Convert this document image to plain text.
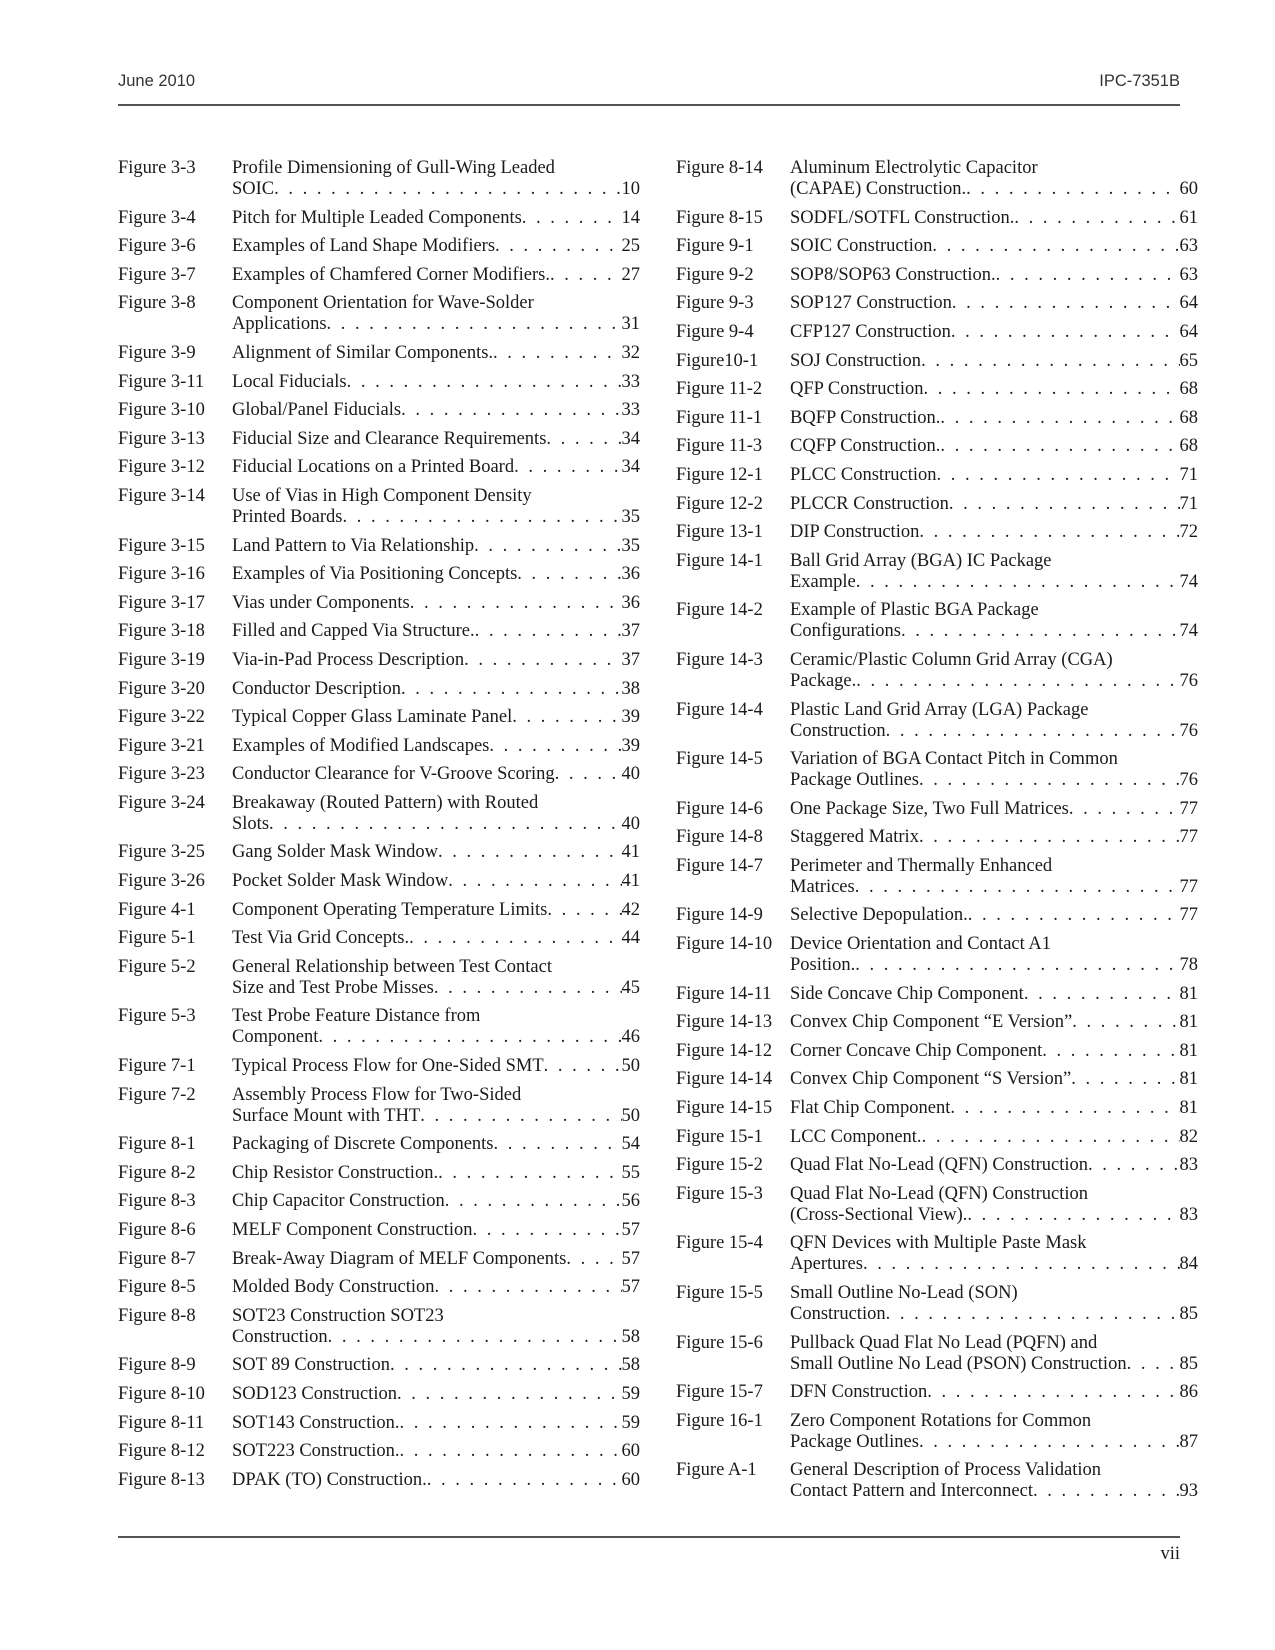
June 2010	IPC-7351B
Figure 3-3	Profile Dimensioning of Gull-Wing Leaded
SOIC . . .	10
Figure 3-4	Pitch for Multiple Leaded Components . . .	14
Figure 3-6	Examples of Land Shape Modifiers . . .	25
Figure 3-7	Examples of Chamfered Corner Modifiers. . . .	27
Figure 3-8	Component Orientation for Wave-Solder
Applications . . .	31
Figure 3-9	Alignment of Similar Components. . . .	32
Figure 3-11	Local Fiducials . . .	33
Figure 3-10	Global/Panel Fiducials . . .	33
Figure 3-13	Fiducial Size and Clearance Requirements . . .	34
Figure 3-12	Fiducial Locations on a Printed Board . . .	34
Figure 3-14	Use of Vias in High Component Density
Printed Boards . . .	35
Figure 3-15	Land Pattern to Via Relationship . . .	35
Figure 3-16	Examples of Via Positioning Concepts . . .	36
Figure 3-17	Vias under Components . . .	36
Figure 3-18	Filled and Capped Via Structure. . . .	37
Figure 3-19	Via-in-Pad Process Description . . .	37
Figure 3-20	Conductor Description . . .	38
Figure 3-22	Typical Copper Glass Laminate Panel . . .	39
Figure 3-21	Examples of Modified Landscapes . . .	39
Figure 3-23	Conductor Clearance for V-Groove Scoring . . .	40
Figure 3-24	Breakaway (Routed Pattern) with Routed
Slots . . .	40
Figure 3-25	Gang Solder Mask Window . . .	41
Figure 3-26	Pocket Solder Mask Window . . .	41
Figure 4-1	Component Operating Temperature Limits . . .	42
Figure 5-1	Test Via Grid Concepts. . . .	44
Figure 5-2	General Relationship between Test Contact
Size and Test Probe Misses . . .	45
Figure 5-3	Test Probe Feature Distance from
Component . . .	46
Figure 7-1	Typical Process Flow for One-Sided SMT . . .	50
Figure 7-2	Assembly Process Flow for Two-Sided
Surface Mount with THT . . .	50
Figure 8-1	Packaging of Discrete Components . . .	54
Figure 8-2	Chip Resistor Construction. . . .	55
Figure 8-3	Chip Capacitor Construction . . .	56
Figure 8-6	MELF Component Construction . . .	57
Figure 8-7	Break-Away Diagram of MELF Components . . .	57
Figure 8-5	Molded Body Construction . . .	57
Figure 8-8	SOT23 Construction SOT23
Construction . . .	58
Figure 8-9	SOT 89 Construction . . .	58
Figure 8-10	SOD123 Construction . . .	59
Figure 8-11	SOT143 Construction. . . .	59
Figure 8-12	SOT223 Construction. . . .	60
Figure 8-13	DPAK (TO) Construction. . . .	60
Figure 8-14	Aluminum Electrolytic Capacitor
(CAPAE) Construction. . . .	60
Figure 8-15	SODFL/SOTFL Construction. . . .	61
Figure 9-1	SOIC Construction . . .	63
Figure 9-2	SOP8/SOP63 Construction. . . .	63
Figure 9-3	SOP127 Construction . . .	64
Figure 9-4	CFP127 Construction . . .	64
Figure10-1	SOJ Construction . . .	65
Figure 11-2	QFP Construction . . .	68
Figure 11-1	BQFP Construction. . . .	68
Figure 11-3	CQFP Construction. . . .	68
Figure 12-1	PLCC Construction . . .	71
Figure 12-2	PLCCR Construction . . .	71
Figure 13-1	DIP Construction . . .	72
Figure 14-1	Ball Grid Array (BGA) IC Package
Example . . .	74
Figure 14-2	Example of Plastic BGA Package
Configurations . . .	74
Figure 14-3	Ceramic/Plastic Column Grid Array (CGA)
Package. . . .	76
Figure 14-4	Plastic Land Grid Array (LGA) Package
Construction . . .	76
Figure 14-5	Variation of BGA Contact Pitch in Common
Package Outlines . . .	76
Figure 14-6	One Package Size, Two Full Matrices . . .	77
Figure 14-8	Staggered Matrix . . .	77
Figure 14-7	Perimeter and Thermally Enhanced
Matrices . . .	77
Figure 14-9	Selective Depopulation. . . .	77
Figure 14-10 Device Orientation and Contact A1
Position. . . .	78
Figure 14-11	Side Concave Chip Component . . .	81
Figure 14-13 Convex Chip Component “E Version” . . .	81
Figure 14-12 Corner Concave Chip Component . . .	81
Figure 14-14 Convex Chip Component “S Version” . . .	81
Figure 14-15 Flat Chip Component . . .	81
Figure 15-1	LCC Component. . . .	82
Figure 15-2	Quad Flat No-Lead (QFN) Construction . . .	83
Figure 15-3	Quad Flat No-Lead (QFN) Construction
(Cross-Sectional View). . . .	83
Figure 15-4	QFN Devices with Multiple Paste Mask
Apertures . . .	84
Figure 15-5	Small Outline No-Lead (SON)
Construction . . .	85
Figure 15-6	Pullback Quad Flat No Lead (PQFN) and
Small Outline No Lead (PSON) Construction . . .	85
Figure 15-7	DFN Construction . . .	86
Figure 16-1	Zero Component Rotations for Common
Package Outlines . . .	87
Figure A-1	General Description of Process Validation
Contact Pattern and Interconnect . . .	93
vii
